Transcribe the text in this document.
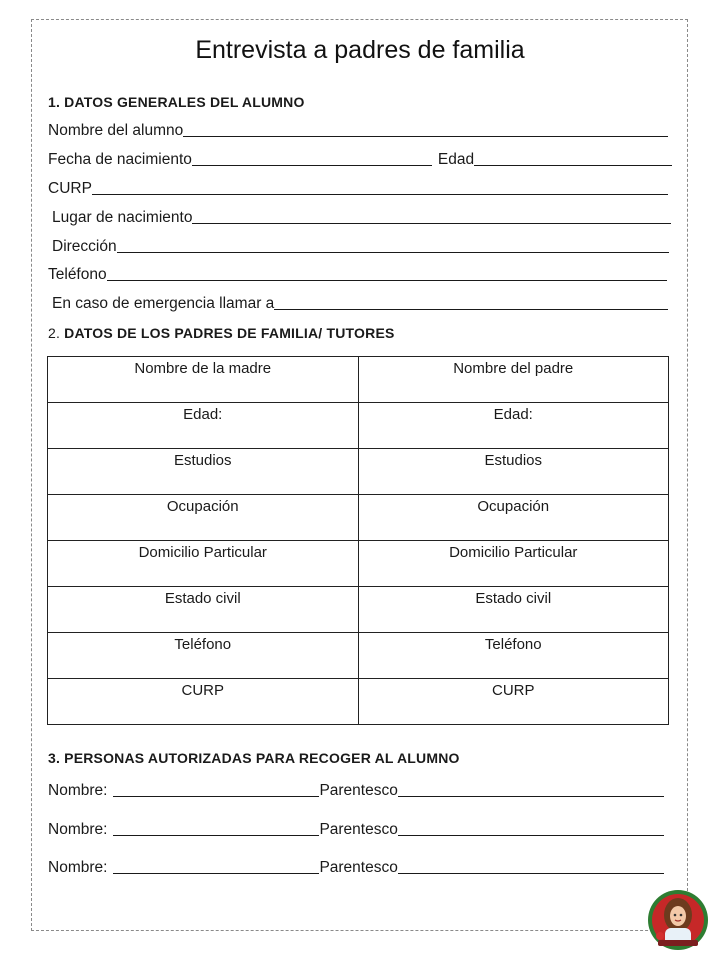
Entrevista a padres de familia
1. DATOS GENERALES DEL ALUMNO
Nombre del alumno
Fecha de nacimiento	Edad
CURP
Lugar de nacimiento
Dirección
Teléfono
En caso de emergencia llamar a
2. DATOS DE LOS PADRES DE FAMILIA/ TUTORES
Nombre de la madre	Nombre del padre
Edad:	Edad:
Estudios	Estudios
Ocupación	Ocupación
Domicilio Particular	Domicilio Particular
Estado civil	Estado civil
Teléfono	Teléfono
CURP	CURP
3. PERSONAS AUTORIZADAS PARA RECOGER AL ALUMNO
Nombre:	Parentesco
Nombre:	Parentesco
Nombre:	Parentesco
